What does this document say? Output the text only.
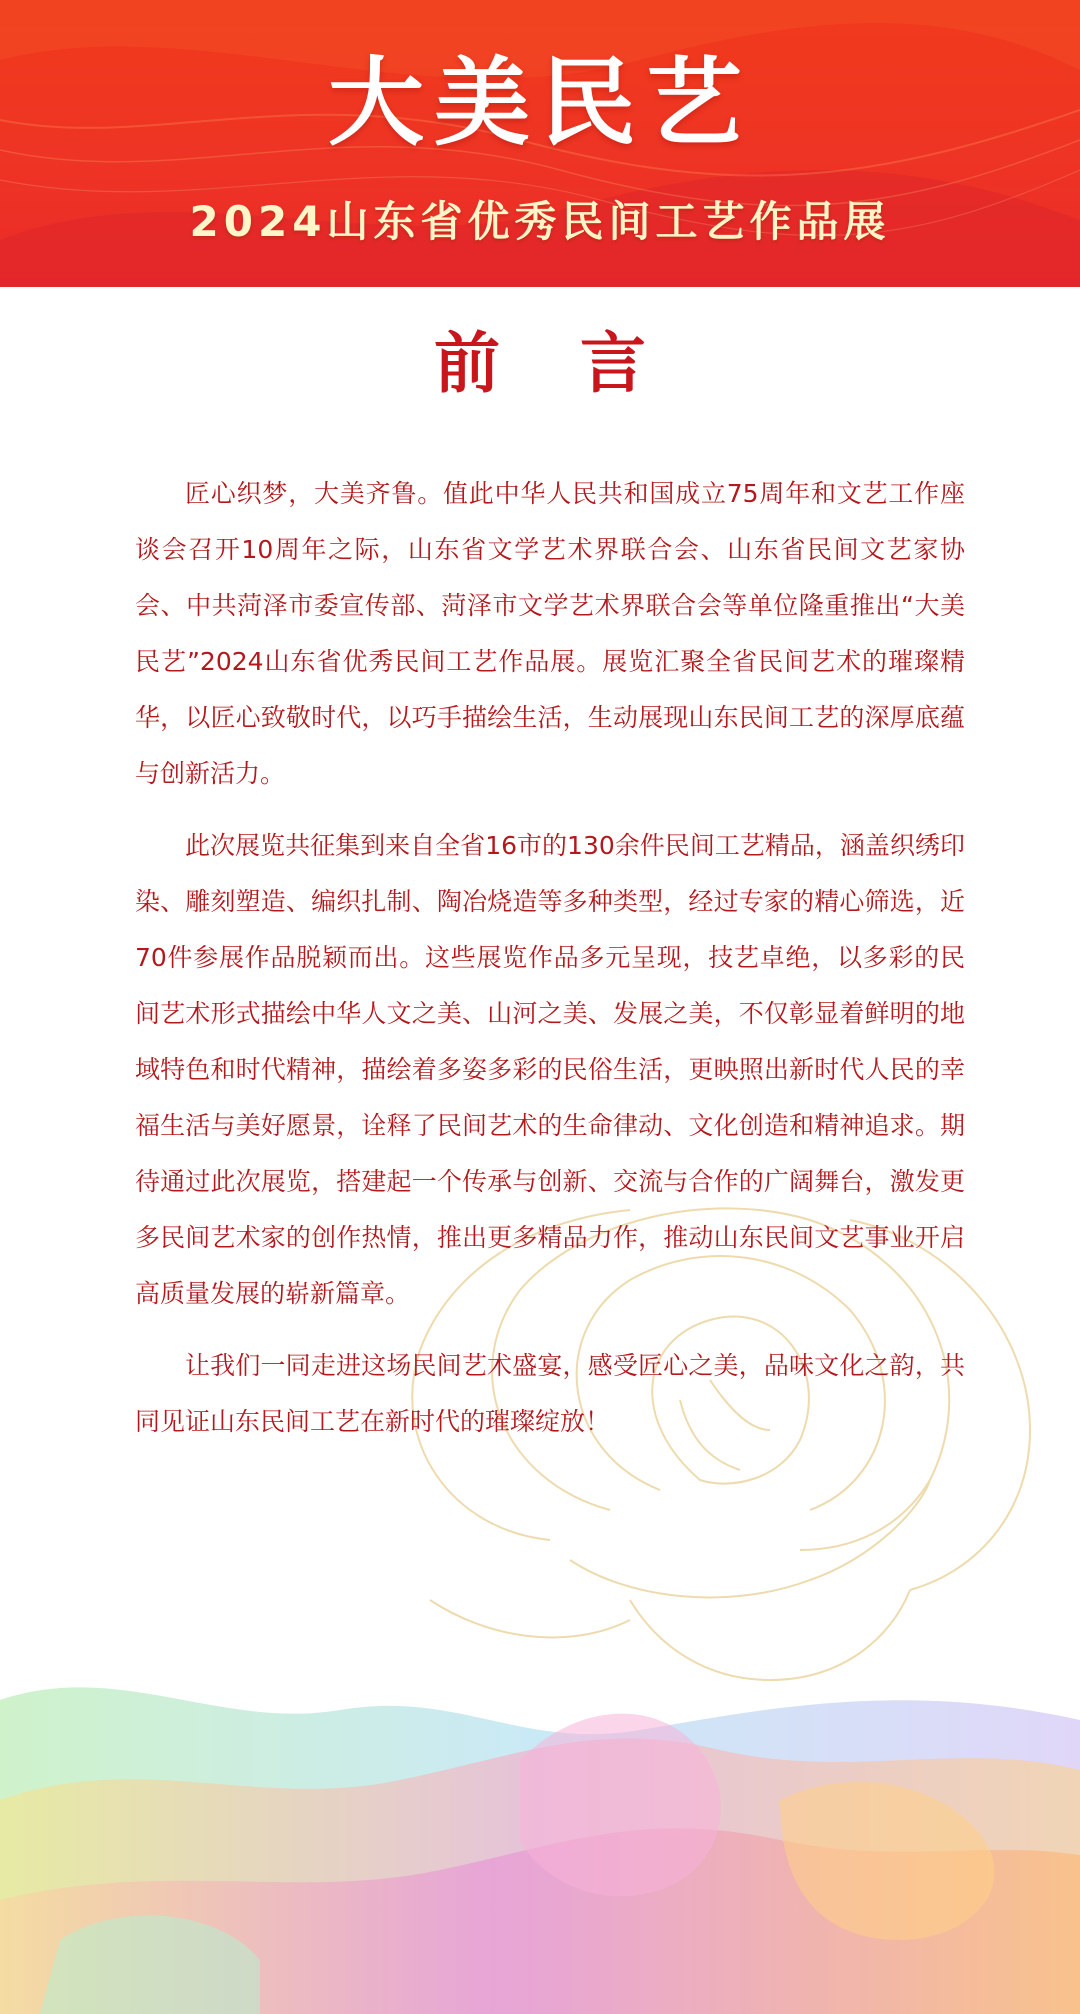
大美民艺
2024山东省优秀民间工艺作品展
前言

匠心织梦，大美齐鲁。值此中华人民共和国成立75周年和文艺工作座谈会召开10周年之际，山东省文学艺术界联合会、山东省民间文艺家协会、中共菏泽市委宣传部、菏泽市文学艺术界联合会等单位隆重推出“大美民艺”2024山东省优秀民间工艺作品展。展览汇聚全省民间艺术的璀璨精华，以匠心致敬时代，以巧手描绘生活，生动展现山东民间工艺的深厚底蕴与创新活力。

此次展览共征集到来自全省16市的130余件民间工艺精品，涵盖织绣印染、雕刻塑造、编织扎制、陶冶烧造等多种类型，经过专家的精心筛选，近70件参展作品脱颖而出。这些展览作品多元呈现，技艺卓绝，以多彩的民间艺术形式描绘中华人文之美、山河之美、发展之美，不仅彰显着鲜明的地域特色和时代精神，描绘着多姿多彩的民俗生活，更映照出新时代人民的幸福生活与美好愿景，诠释了民间艺术的生命律动、文化创造和精神追求。期待通过此次展览，搭建起一个传承与创新、交流与合作的广阔舞台，激发更多民间艺术家的创作热情，推出更多精品力作，推动山东民间文艺事业开启高质量发展的崭新篇章。

让我们一同走进这场民间艺术盛宴，感受匠心之美，品味文化之韵，共同见证山东民间工艺在新时代的璀璨绽放！
